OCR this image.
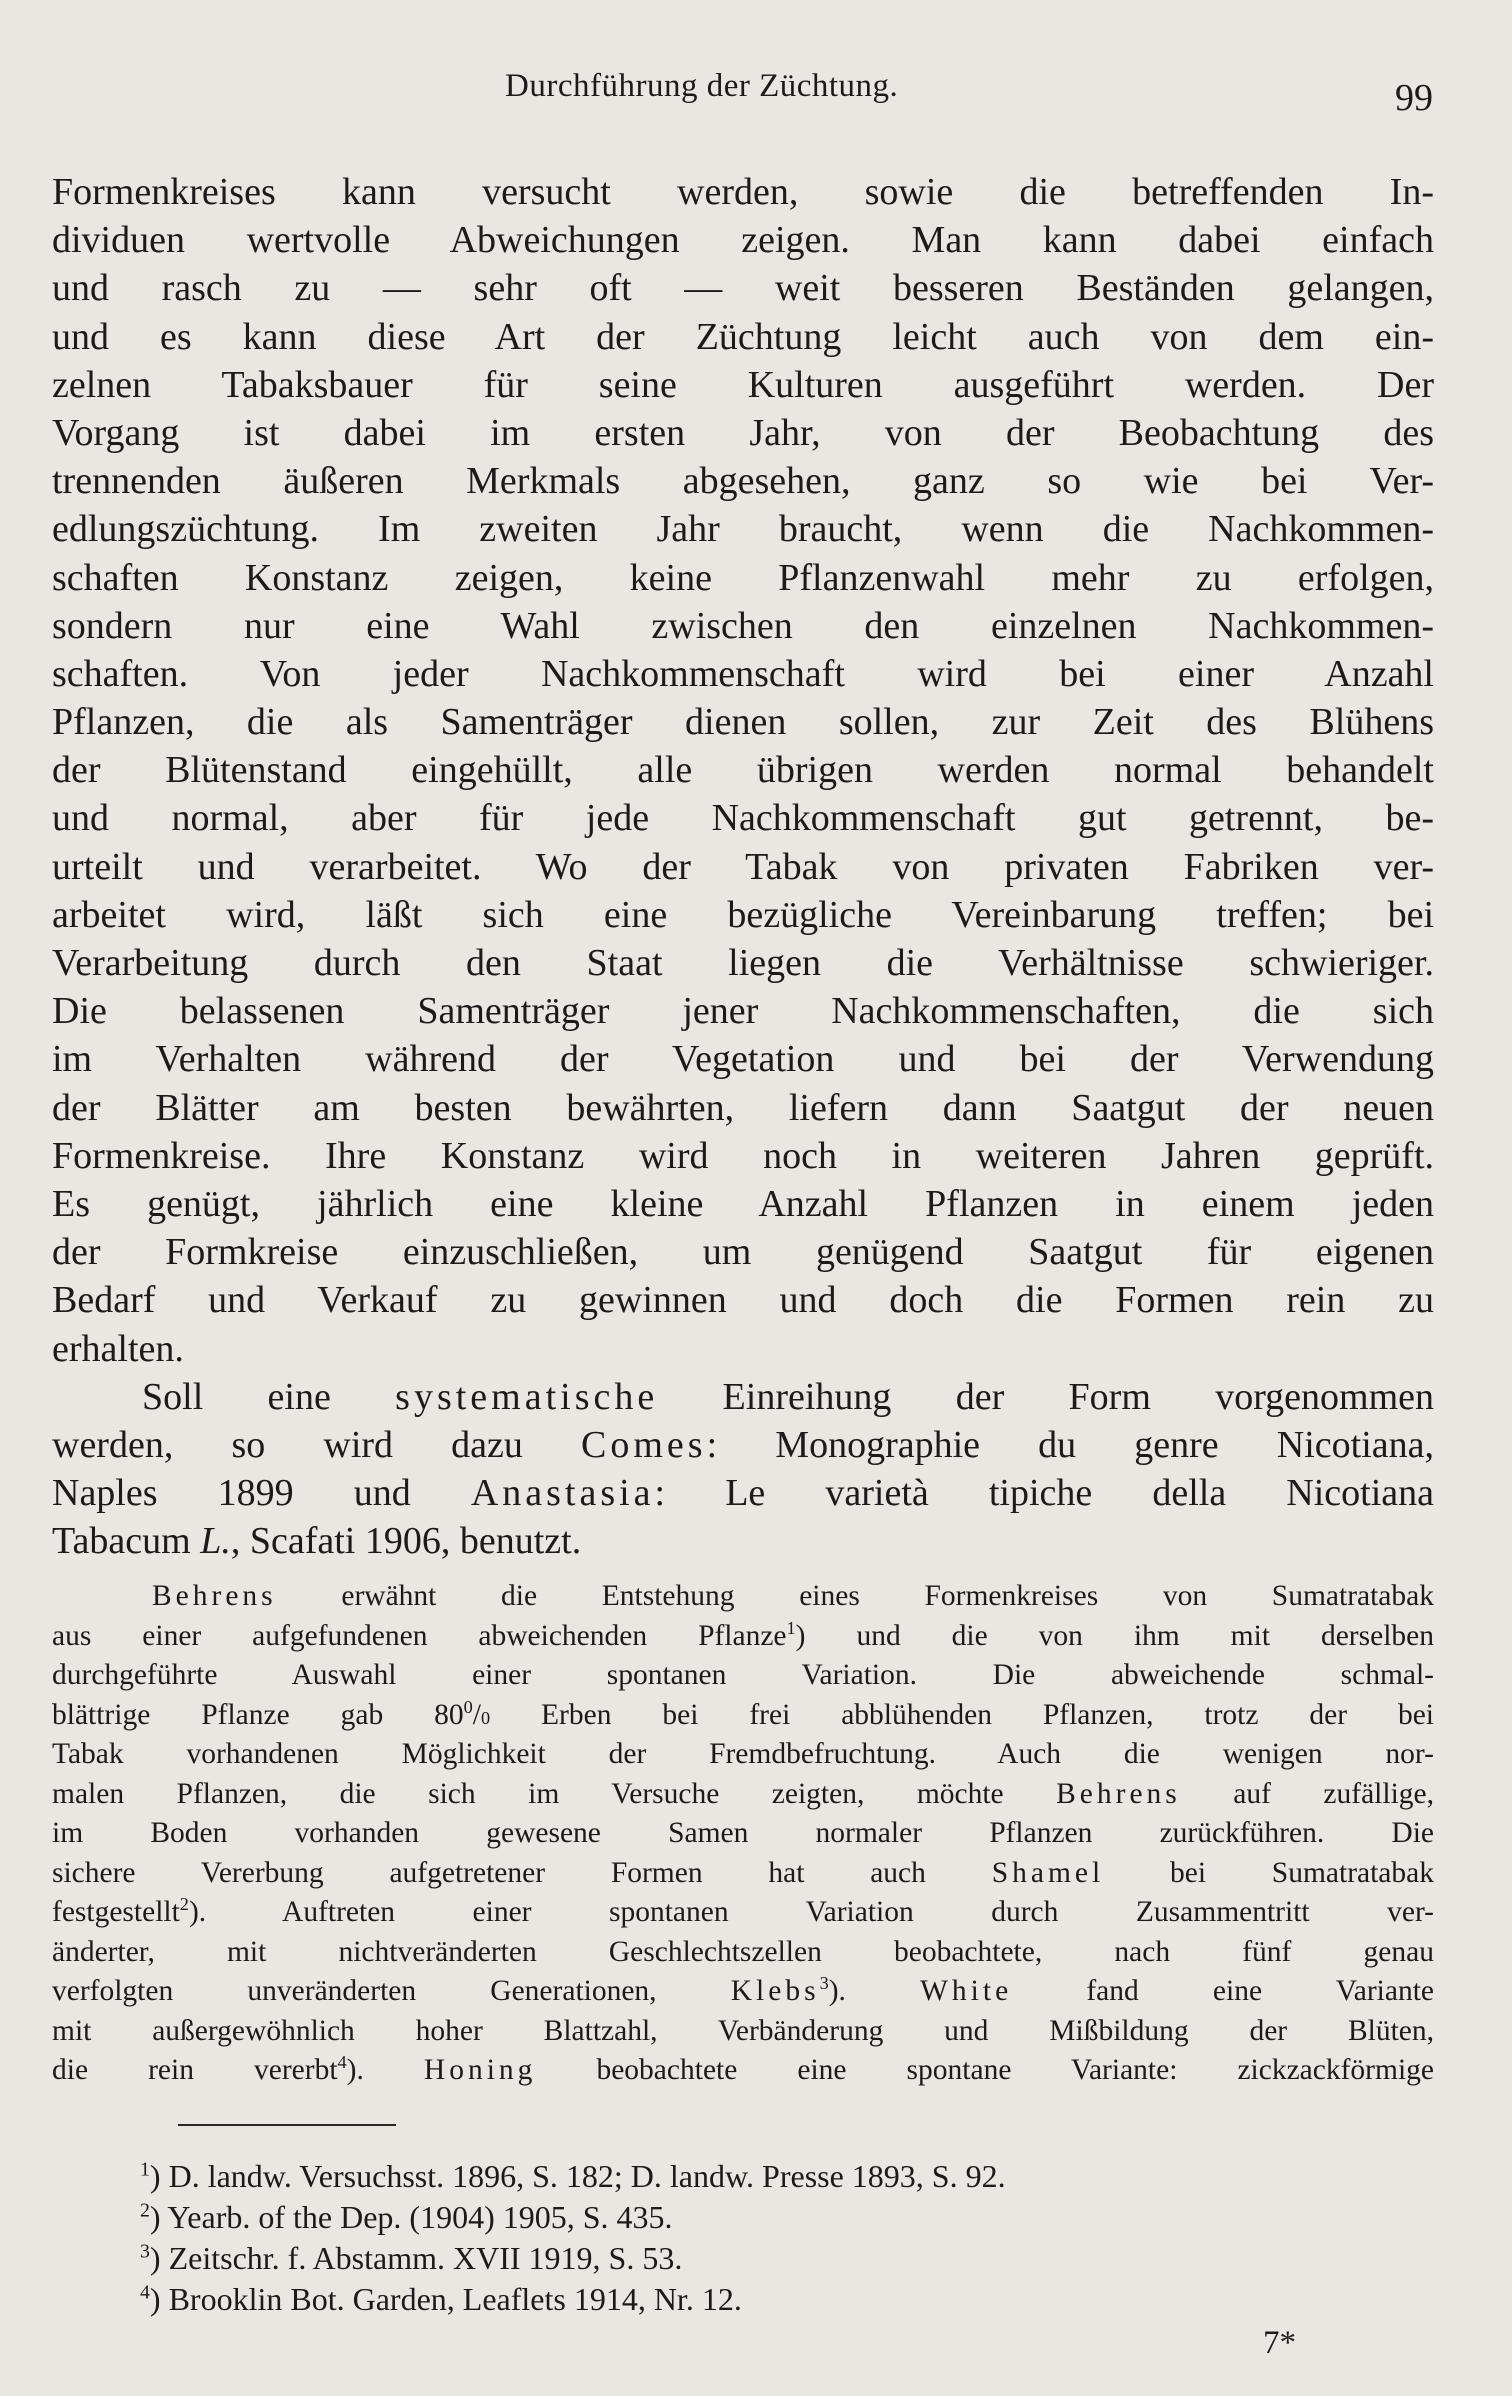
Durchführung der Züchtung.	99
Formenkreises kann versucht werden, sowie die betreffenden In-
dividuen wertvolle Abweichungen zeigen. Man kann dabei einfach
und rasch zu — sehr oft — weit besseren Beständen gelangen,
und es kann diese Art der Züchtung leicht auch von dem ein-
zelnen Tabaksbauer für seine Kulturen ausgeführt werden. Der
Vorgang ist dabei im ersten Jahr, von der Beobachtung des
trennenden äußeren Merkmals abgesehen, ganz so wie bei Ver-
edlungszüchtung. Im zweiten Jahr braucht, wenn die Nachkommen-
schaften Konstanz zeigen, keine Pflanzenwahl mehr zu erfolgen,
sondern nur eine Wahl zwischen den einzelnen Nachkommen-
schaften. Von jeder Nachkommenschaft wird bei einer Anzahl
Pflanzen, die als Samenträger dienen sollen, zur Zeit des Blühens
der Blütenstand eingehüllt, alle übrigen werden normal behandelt
und normal, aber für jede Nachkommenschaft gut getrennt, be-
urteilt und verarbeitet. Wo der Tabak von privaten Fabriken ver-
arbeitet wird, läßt sich eine bezügliche Vereinbarung treffen; bei
Verarbeitung durch den Staat liegen die Verhältnisse schwieriger.
Die belassenen Samenträger jener Nachkommenschaften, die sich
im Verhalten während der Vegetation und bei der Verwendung
der Blätter am besten bewährten, liefern dann Saatgut der neuen
Formenkreise. Ihre Konstanz wird noch in weiteren Jahren geprüft.
Es genügt, jährlich eine kleine Anzahl Pflanzen in einem jeden
der Formkreise einzuschließen, um genügend Saatgut für eigenen
Bedarf und Verkauf zu gewinnen und doch die Formen rein zu
erhalten.
Soll eine systematische Einreihung der Form vorgenommen
werden, so wird dazu Comes: Monographie du genre Nicotiana,
Naples 1899 und Anastasia: Le varietà tipiche della Nicotiana
Tabacum L., Scafati 1906, benutzt.
Behrens erwähnt die Entstehung eines Formenkreises von Sumatratabak
aus einer aufgefundenen abweichenden Pflanze$^1$) und die von ihm mit derselben
durchgeführte Auswahl einer spontanen Variation. Die abweichende schmal-
blättrige Pflanze gab $80^0/0$ Erben bei frei abblühenden Pflanzen, trotz der bei
Tabak vorhandenen Möglichkeit der Fremdbefruchtung. Auch die wenigen nor-
malen Pflanzen, die sich im Versuche zeigten, möchte Behrens auf zufällige,
im Boden vorhanden gewesene Samen normaler Pflanzen zurückführen. Die
sichere Vererbung aufgetretener Formen hat auch Shamel bei Sumatratabak
festgestellt$^2$). Auftreten einer spontanen Variation durch Zusammentritt ver-
änderter, mit nichtveränderten Geschlechtszellen beobachtete, nach fünf genau
verfolgten unveränderten Generationen, Klebs$^3$). White fand eine Variante
mit außergewöhnlich hoher Blattzahl, Verbänderung und Mißbildung der Blüten,
die rein vererbt$^4$). Honing beobachtete eine spontane Variante: zickzackförmige
$^1$) D. landw. Versuchsst. 1896, S. 182; D. landw. Presse 1893, S. 92.
$^2$) Yearb. of the Dep. (1904) 1905, S. 435.
$^3$) Zeitschr. f. Abstamm. XVII 1919, S. 53.
$^4$) Brooklin Bot. Garden, Leaflets 1914, Nr. 12.
7*
